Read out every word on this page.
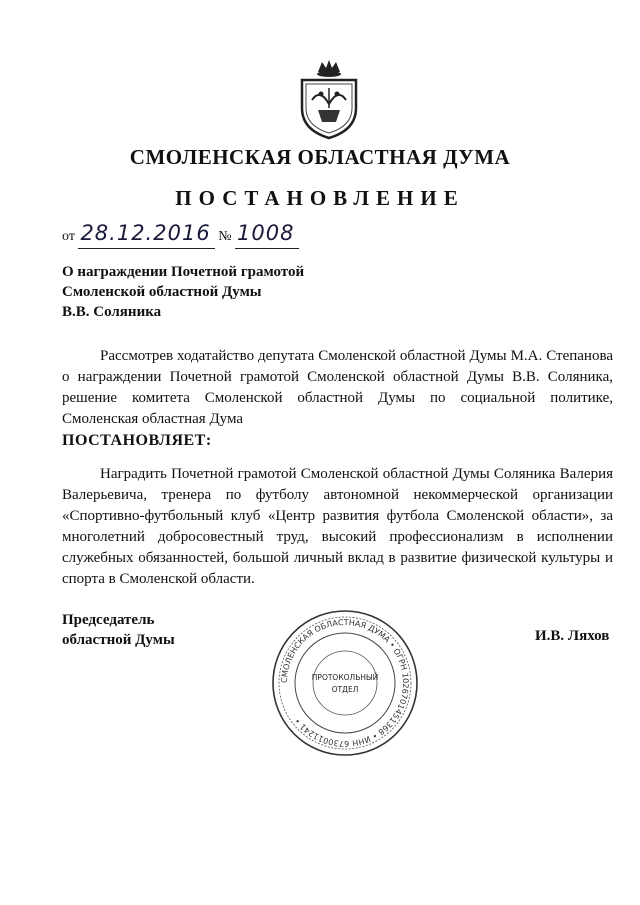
СМОЛЕНСКАЯ ОБЛАСТНАЯ ДУМА
ПОСТАНОВЛЕНИЕ
от 28.12.2016 № 1008
О награждении Почетной грамотой
Смоленской областной Думы
В.В. Соляника
Рассмотрев ходатайство депутата Смоленской областной Думы М.А. Степанова о награждении Почетной грамотой Смоленской областной Думы В.В. Соляника, решение комитета Смоленской областной Думы по социальной политике, Смоленская областная Дума
ПОСТАНОВЛЯЕТ:
Наградить Почетной грамотой Смоленской областной Думы Соляника Валерия Валерьевича, тренера по футболу автономной некоммерческой организации «Спортивно-футбольный клуб «Центр развития футбола Смоленской области», за многолетний добросовестный труд, высокий профессионализм в исполнении служебных обязанностей, большой личный вклад в развитие физической культуры и спорта в Смоленской области.
Председатель
областной Думы	И.В. Ляхов
СМОЛЕНСКАЯ ОБЛАСТНАЯ ДУМА • ОГРН 1026701451368 • ИНН 6730011241 •
ПРОТОКОЛЬНЫЙ
ОТДЕЛ
